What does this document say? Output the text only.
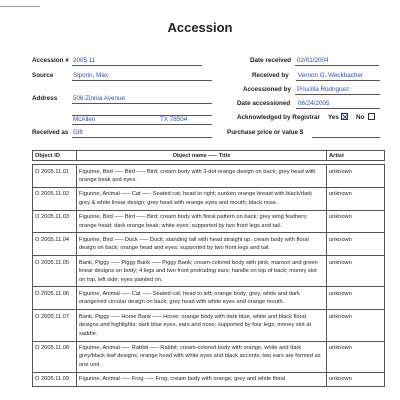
Accession
Accession # 2005.11	Date received 02/01/2004
Source	Siporin, Max	Received by Vernon G. Weckbacher
Accessioned by Priscilla Rodriguez
Address	506 Zinnia Avenue
McAllen	TX 78504
Date accessioned 06/24/2005
Acknowledged by Registrar Yes	No
Received as Gift	Purchase price or value $
Object ID	Object name —– Title	Artist

O 2005.11.01	Figurine, Bird —– Bird —– Bird; cream body with 3-dot orange design on back; grey head with orange beak and eyes.	unknown
O 2005.11.02	Figurine, Animal —– Cat —– Seated cat; head to right; sunken orange breast with black/dark grey & white linear design; grey head with orange eyes and mouth; black nose.	unknown
O 2005.11.03	Figurine, Bird —– Bird —– Bird; cream body with floral pattern on back; grey wing feathers; orange head; dark orange beak; white eyes; supported by two front legs and tail.	unknown
O 2005.11.04	Figurine, Bird —– Duck —– Duck; standing tall with head straight up; cream body with floral design on back; orange head and eyes; supported by two front legs and tail.	unknown
O 2005.11.05	Bank, Piggy —– Piggy Bank —– Piggy Bank; cream-colored body with pink, maroon and green linear designs on body; 4 legs and two front protruding ears; handle on top of back; money slot on top, left side; eyes painted on.	unknown
O 2005.11.06	Figurine, Animal —– Cat —– Seated cat; head to left; orange body; grey, white and dark orange/red circular design on back; grey head with white eyes and orange mouth.	unknown
O 2005.11.07	Bank, Piggy —– Horse Bank —– Horse; orange body with dark blue, white and black floral designs and highlights; dark blue eyes, ears and nose; supported by four legs; money slot at saddle.	unknown
O 2005.11.08	Figurine, Animal —– Rabbit —– Rabbit; cream-colored body with orange, white and dark grey/black leaf designs; orange head with white eyes and black accents; two ears are formed as one unit.	unknown
O 2005.11.09	Figurine, Animal —– Frog —– Frog; cream body with orange, grey and white floral	unknown
